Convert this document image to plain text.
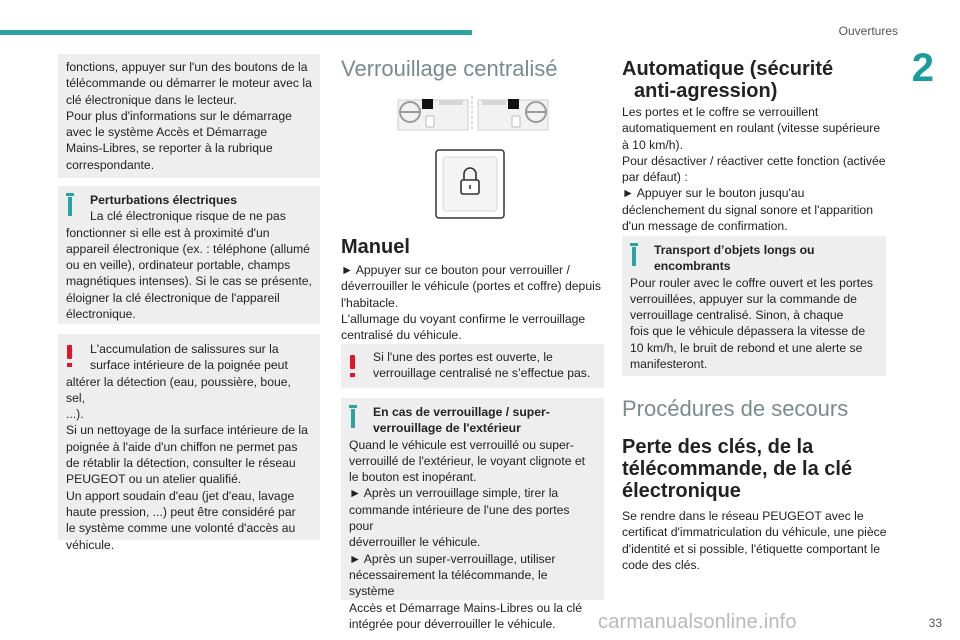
Ouvertures
2
33
carmanualsonline.info

fonctions, appuyer sur l'un des boutons de la

télécommande ou démarrer le moteur avec la

clé électronique dans le lecteur.

Pour plus d'informations sur le démarrage

avec le système Accès et Démarrage

Mains-Libres, se reporter à la rubrique

correspondante.

Perturbations électriques

La clé électronique risque de ne pas

fonctionner si elle est à proximité d'un

appareil électronique (ex. : téléphone (allumé

ou en veille), ordinateur portable, champs

magnétiques intenses). Si le cas se présente,

éloigner la clé électronique de l'appareil

électronique.

L'accumulation de salissures sur la

surface intérieure de la poignée peut

altérer la détection (eau, poussière, boue, sel,

...).

Si un nettoyage de la surface intérieure de la

poignée à l'aide d'un chiffon ne permet pas

de rétablir la détection, consulter le réseau

PEUGEOT ou un atelier qualifié.

Un apport soudain d'eau (jet d'eau, lavage

haute pression, ...) peut être considéré par

le système comme une volonté d'accès au

véhicule.

Verrouillage centralisé
Manuel

► Appuyer sur ce bouton pour verrouiller /

déverrouiller le véhicule (portes et coffre) depuis

l'habitacle.

L'allumage du voyant confirme le verrouillage

centralisé du véhicule.

Si l'une des portes est ouverte, le

verrouillage centralisé ne s’effectue pas.

En cas de verrouillage / super-

verrouillage de l'extérieur

Quand le véhicule est verrouillé ou super-

verrouillé de l'extérieur, le voyant clignote et

le bouton est inopérant.

► Après un verrouillage simple, tirer la

commande intérieure de l'une des portes pour

déverrouiller le véhicule.

► Après un super-verrouillage, utiliser

nécessairement la télécommande, le système

Accès et Démarrage Mains-Libres ou la clé

intégrée pour déverrouiller le véhicule.

Automatique (sécurité
anti-agression)

Les portes et le coffre se verrouillent

automatiquement en roulant (vitesse supérieure

à 10 km/h).

Pour désactiver / réactiver cette fonction (activée

par défaut) :

► Appuyer sur le bouton jusqu'au

déclenchement du signal sonore et l'apparition

d'un message de confirmation.

Transport d’objets longs ou

encombrants

Pour rouler avec le coffre ouvert et les portes

verrouillées, appuyer sur la commande de

verrouillage centralisé. Sinon, à chaque

fois que le véhicule dépassera la vitesse de

10 km/h, le bruit de rebond et une alerte se

manifesteront.

Procédures de secours
Perte des clés, de la
télécommande, de la clé
électronique

Se rendre dans le réseau PEUGEOT avec le

certificat d'immatriculation du véhicule, une pièce

d'identité et si possible, l'étiquette comportant le

code des clés.
